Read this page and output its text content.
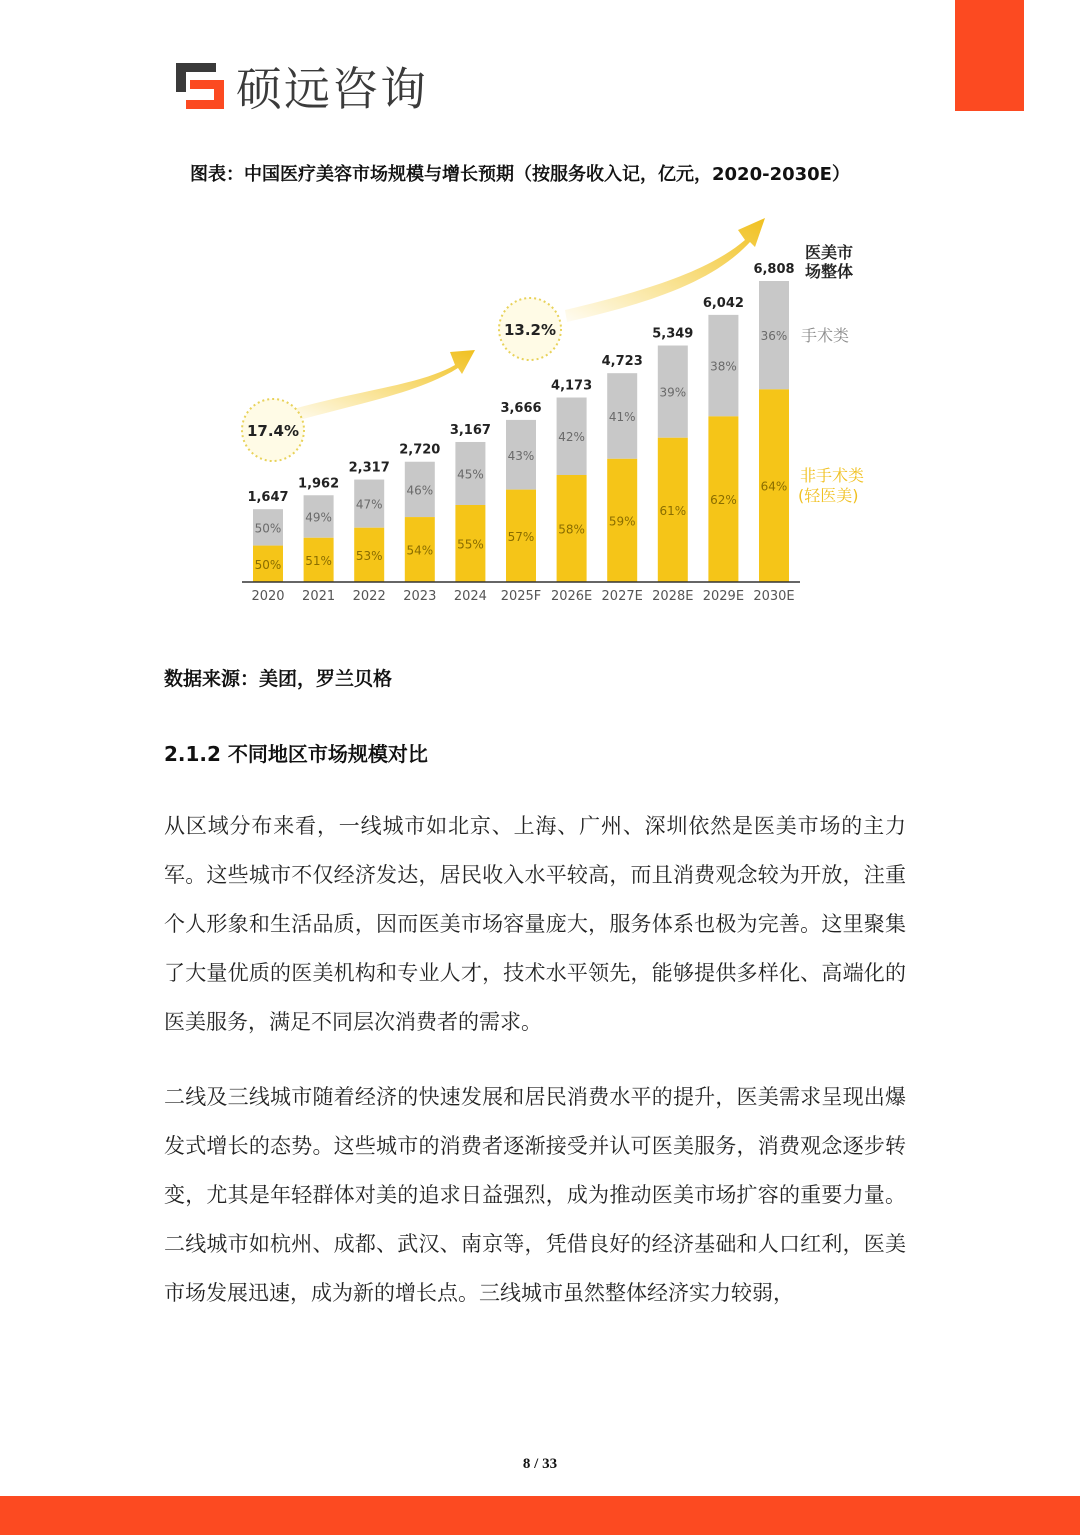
硕远咨询
图表：中国医疗美容市场规模与增长预期（按服务收入记，亿元，2020-2030E）
17.4%
13.2%
50%
50%
1,647
49%
51%
1,962
47%
53%
2,317
46%
54%
2,720
45%
55%
3,167
43%
57%
3,666
42%
58%
4,173
41%
59%
4,723
39%
61%
5,349
38%
62%
6,042
36%
64%
6,808
2020 2021 2022 2023 2024 2025F 2026E 2027E 2028E 2029E 2030E
医美市
场整体
手术类
非手术类
(轻医美)
数据来源：美团，罗兰贝格
2.1.2 不同地区市场规模对比
从区域分布来看，一线城市如北京、上海、广州、深圳依然是医美市场的主力军。这些城市不仅经济发达，居民收入水平较高，而且消费观念较为开放，注重个人形象和生活品质，因而医美市场容量庞大，服务体系也极为完善。这里聚集了大量优质的医美机构和专业人才，技术水平领先，能够提供多样化、高端化的医美服务，满足不同层次消费者的需求。
二线及三线城市随着经济的快速发展和居民消费水平的提升，医美需求呈现出爆发式增长的态势。这些城市的消费者逐渐接受并认可医美服务，消费观念逐步转变，尤其是年轻群体对美的追求日益强烈，成为推动医美市场扩容的重要力量。二线城市如杭州、成都、武汉、南京等，凭借良好的经济基础和人口红利，医美市场发展迅速，成为新的增长点。三线城市虽然整体经济实力较弱，
8 / 33
